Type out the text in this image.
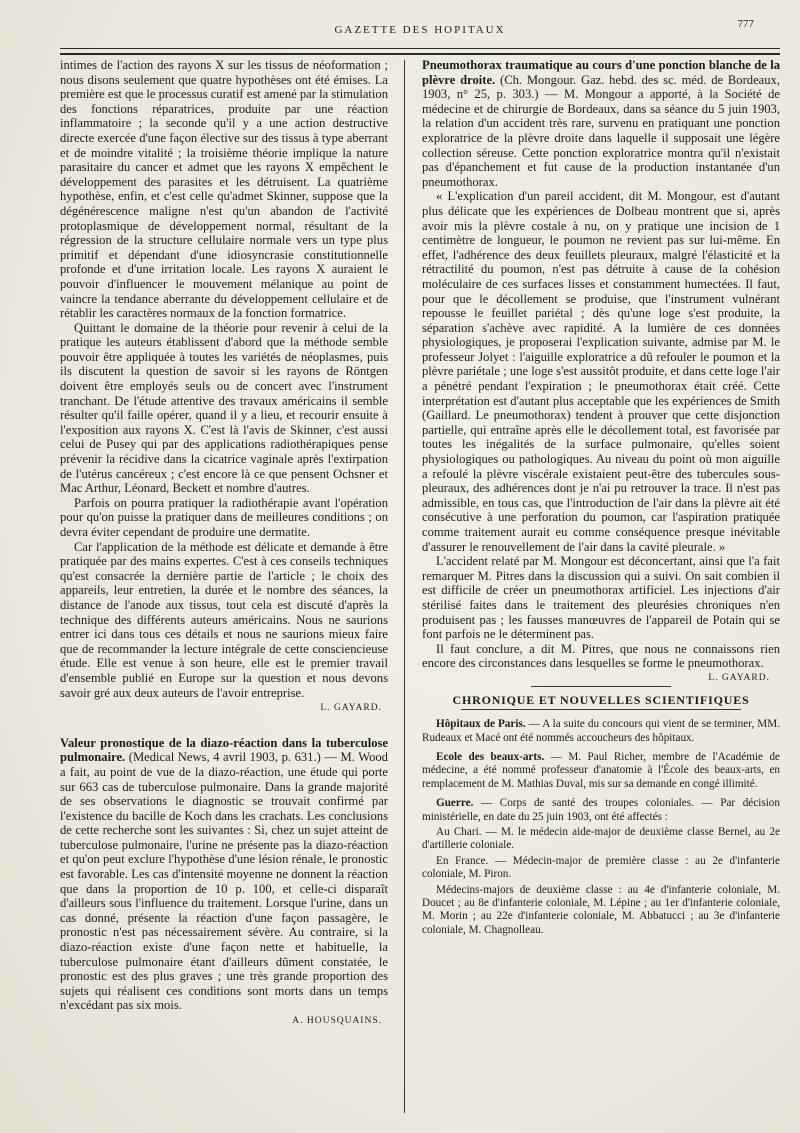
GAZETTE DES HOPITAUX	777

intimes de l'action des rayons X sur les tissus de néoformation ; nous disons seulement que quatre hypothèses ont été émises. La première est que le processus curatif est amené par la stimulation des fonctions réparatrices, produite par une réaction inflammatoire ; la seconde qu'il y a une action destructive directe exercée d'une façon élective sur des tissus à type aberrant et de moindre vitalité ; la troisième théorie implique la nature parasitaire du cancer et admet que les rayons X empêchent le développement des parasites et les détruisent. La quatrième hypothèse, enfin, et c'est celle qu'admet Skinner, suppose que la dégénérescence maligne n'est qu'un abandon de l'activité protoplasmique de développement normal, résultant de la régression de la structure cellulaire normale vers un type plus primitif et dépendant d'une idiosyncrasie constitutionnelle profonde et d'une irritation locale. Les rayons X auraient le pouvoir d'influencer le mouvement mélanique au point de vaincre la tendance aberrante du développement cellulaire et de rétablir les caractères normaux de la fonction formatrice.

Quittant le domaine de la théorie pour revenir à celui de la pratique les auteurs établissent d'abord que la méthode semble pouvoir être appliquée à toutes les variétés de néoplasmes, puis ils discutent la question de savoir si les rayons de Röntgen doivent être employés seuls ou de concert avec l'instrument tranchant. De l'étude attentive des travaux américains il semble résulter qu'il faille opérer, quand il y a lieu, et recourir ensuite à l'exposition aux rayons X. C'est là l'avis de Skinner, c'est aussi celui de Pusey qui par des applications radiothérapiques pense prévenir la récidive dans la cicatrice vaginale après l'extirpation de l'utérus cancéreux ; c'est encore là ce que pensent Ochsner et Mac Arthur, Léonard, Beckett et nombre d'autres.

Parfois on pourra pratiquer la radiothérapie avant l'opération pour qu'on puisse la pratiquer dans de meilleures conditions ; on devra éviter cependant de produire une dermatite.

Car l'application de la méthode est délicate et demande à être pratiquée par des mains expertes. C'est à ces conseils techniques qu'est consacrée la dernière partie de l'article ; le choix des appareils, leur entretien, la durée et le nombre des séances, la distance de l'anode aux tissus, tout cela est discuté d'après la technique des différents auteurs américains. Nous ne saurions entrer ici dans tous ces détails et nous ne saurions mieux faire que de recommander la lecture intégrale de cette consciencieuse étude. Elle est venue à son heure, elle est le premier travail d'ensemble publié en Europe sur la question et nous devons savoir gré aux deux auteurs de l'avoir entreprise.

L. GAYARD.

Valeur pronostique de la diazo-réaction dans la tuberculose pulmonaire. (Medical News, 4 avril 1903, p. 631.) — M. Wood a fait, au point de vue de la diazo-réaction, une étude qui porte sur 663 cas de tuberculose pulmonaire. Dans la grande majorité de ses observations le diagnostic se trouvait confirmé par l'existence du bacille de Koch dans les crachats. Les conclusions de cette recherche sont les suivantes : Si, chez un sujet atteint de tuberculose pulmonaire, l'urine ne présente pas la diazo-réaction et qu'on peut exclure l'hypothèse d'une lésion rénale, le pronostic est favorable. Les cas d'intensité moyenne ne donnent la réaction que dans la proportion de 10 p. 100, et celle-ci disparaît d'ailleurs sous l'influence du traitement. Lorsque l'urine, dans un cas donné, présente la réaction d'une façon passagère, le pronostic n'est pas nécessairement sévère. Au contraire, si la diazo-réaction existe d'une façon nette et habituelle, la tuberculose pulmonaire étant d'ailleurs dûment constatée, le pronostic est des plus graves ; une très grande proportion des sujets qui réalisent ces conditions sont morts dans un temps n'excédant pas six mois.

A. HOUSQUAINS.

Pneumothorax traumatique au cours d'une ponction blanche de la plèvre droite. (Ch. Mongour. Gaz. hebd. des sc. méd. de Bordeaux, 1903, n° 25, p. 303.) — M. Mongour a apporté, à la Société de médecine et de chirurgie de Bordeaux, dans sa séance du 5 juin 1903, la relation d'un accident très rare, survenu en pratiquant une ponction exploratrice de la plèvre droite dans laquelle il supposait une légère collection séreuse. Cette ponction exploratrice montra qu'il n'existait pas d'épanchement et fut cause de la production instantanée d'un pneumothorax.

« L'explication d'un pareil accident, dit M. Mongour, est d'autant plus délicate que les expériences de Dolbeau montrent que si, après avoir mis la plèvre costale à nu, on y pratique une incision de 1 centimètre de longueur, le poumon ne revient pas sur lui-même. En effet, l'adhérence des deux feuillets pleuraux, malgré l'élasticité et la rétractilité du poumon, n'est pas détruite à cause de la cohésion moléculaire de ces surfaces lisses et constamment humectées. Il faut, pour que le décollement se produise, que l'instrument vulnérant repousse le feuillet pariétal ; dès qu'une loge s'est produite, la séparation s'achève avec rapidité. A la lumière de ces données physiologiques, je proposerai l'explication suivante, admise par M. le professeur Jolyet : l'aiguille exploratrice a dû refouler le poumon et la plèvre pariétale ; une loge s'est aussitôt produite, et dans cette loge l'air a pénétré pendant l'expiration ; le pneumothorax était créé. Cette interprétation est d'autant plus acceptable que les expériences de Smith (Gaillard. Le pneumothorax) tendent à prouver que cette disjonction partielle, qui entraîne après elle le décollement total, est favorisée par toutes les inégalités de la surface pulmonaire, qu'elles soient physiologiques ou pathologiques. Au niveau du point où mon aiguille a refoulé la plèvre viscérale existaient peut-être des tubercules sous-pleuraux, des adhérences dont je n'ai pu retrouver la trace. Il n'est pas admissible, en tous cas, que l'introduction de l'air dans la plèvre ait été consécutive à une perforation du poumon, car l'aspiration pratiquée comme traitement aurait eu comme conséquence presque inévitable d'assurer le renouvellement de l'air dans la cavité pleurale. »

L'accident relaté par M. Mongour est déconcertant, ainsi que l'a fait remarquer M. Pitres dans la discussion qui a suivi. On sait combien il est difficile de créer un pneumothorax artificiel. Les injections d'air stérilisé faites dans le traitement des pleurésies chroniques n'en produisent pas ; les fausses manœuvres de l'appareil de Potain qui se font parfois ne le déterminent pas.

Il faut conclure, a dit M. Pitres, que nous ne connaissons rien encore des circonstances dans lesquelles se forme le pneumothorax.
L. GAYARD.

CHRONIQUE ET NOUVELLES SCIENTIFIQUES

Hôpitaux de Paris. — A la suite du concours qui vient de se terminer, MM. Rudeaux et Macé ont été nommés accoucheurs des hôpitaux.

Ecole des beaux-arts. — M. Paul Richer, membre de l'Académie de médecine, a été nommé professeur d'anatomie à l'École des beaux-arts, en remplacement de M. Mathias Duval, mis sur sa demande en congé illimité.

Guerre. — Corps de santé des troupes coloniales. — Par décision ministérielle, en date du 25 juin 1903, ont été affectés :

Au Chari. — M. le médecin aide-major de deuxième classe Bernel, au 2e d'artillerie coloniale.

En France. — Médecin-major de première classe : au 2e d'infanterie coloniale, M. Piron.

Médecins-majors de deuxième classe : au 4e d'infanterie coloniale, M. Doucet ; au 8e d'infanterie coloniale, M. Lépine ; au 1er d'infanterie coloniale, M. Morin ; au 22e d'infanterie coloniale, M. Abbatucci ; au 3e d'infanterie coloniale, M. Chagnolleau.
